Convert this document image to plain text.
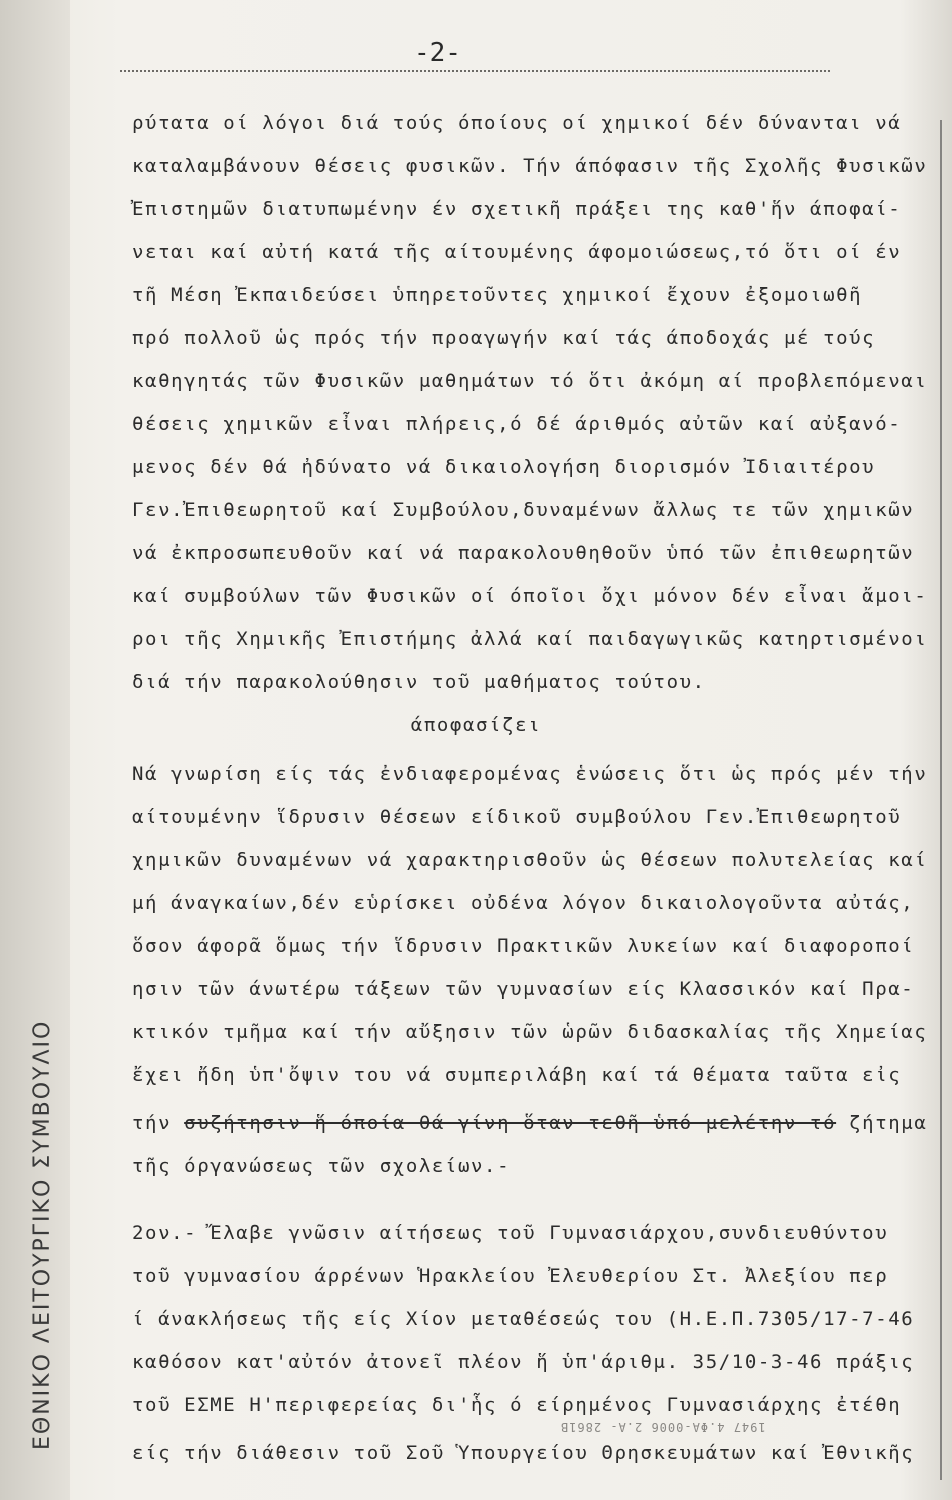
ΕΘΝΙΚΟ ΛΕΙΤΟΥΡΓΙΚΟ ΣΥΜΒΟΥΛΙΟ
-2-
ρύτατα οί λόγοι διά τούς όποίους οί χημικοί δέν δύνανται νά
καταλαμβάνουν θέσεις φυσικῶν. Τήν άπόφασιν τῆς Σχολῆς Φυσικῶν
Ἐπιστημῶν διατυπωμένην έν σχετικῆ πράξει της καθ'ἥν άποφαί-
νεται καί αὐτή κατά τῆς αίτουμένης άφομοιώσεως,τό ὅτι οί έν
τῆ Μέση Ἐκπαιδεύσει ὑπηρετοῦντες χημικοί ἔχουν ἐξομοιωθῆ
πρό πολλοῦ ὡς πρός τήν προαγωγήν καί τάς άποδοχάς μέ τούς
καθηγητάς τῶν Φυσικῶν μαθημάτων τό ὅτι ἀκόμη αί προβλεπόμεναι
θέσεις χημικῶν εἶναι πλήρεις,ό δέ άριθμός αὐτῶν καί αὐξανό-
μενος δέν θά ἠδύνατο νά δικαιολογήση διορισμόν Ἰδιαιτέρου
Γεν.Ἐπιθεωρητοῦ καί Συμβούλου,δυναμένων ἄλλως τε τῶν χημικῶν
νά ἐκπροσωπευθοῦν καί νά παρακολουθηθοῦν ὑπό τῶν ἐπιθεωρητῶν
καί συμβούλων τῶν Φυσικῶν οί όποῖοι ὄχι μόνον δέν εἶναι ἄμοι-
ροι τῆς Χημικῆς Ἐπιστήμης ἀλλά καί παιδαγωγικῶς κατηρτισμένοι
διά τήν παρακολούθησιν τοῦ μαθήματος τούτου.
άποφασίζει
Νά γνωρίση είς τάς ἐνδιαφερομένας ἑνώσεις ὅτι ὡς πρός μέν τήν
αίτουμένην ἵδρυσιν θέσεων είδικοῦ συμβούλου Γεν.Ἐπιθεωρητοῦ
χημικῶν δυναμένων νά χαρακτηρισθοῦν ὡς θέσεων πολυτελείας καί
μή άναγκαίων,δέν εὑρίσκει οὐδένα λόγον δικαιολογοῦντα αὐτάς,
ὅσον άφορᾶ ὅμως τήν ἵδρυσιν Πρακτικῶν λυκείων καί διαφοροποί
ησιν τῶν άνωτέρω τάξεων τῶν γυμνασίων είς Κλασσικόν καί Πρα-
κτικόν τμῆμα καί τήν αὔξησιν τῶν ὡρῶν διδασκαλίας τῆς Χημείας
ἔχει ἤδη ὑπ'ὄψιν του νά συμπεριλάβη καί τά θέματα ταῦτα εἰς
τήν συζήτησιν ἥ όποία θά γίνη ὅταν τεθῆ ὑπό μελέτην τό ζήτημα
τῆς όργανώσεως τῶν σχολείων.-
2ον.- Ἔλαβε γνῶσιν αίτήσεως τοῦ Γυμνασιάρχου,συνδιευθύντου
τοῦ γυμνασίου άρρένων Ἡρακλείου Ἐλευθερίου Στ. Ἀλεξίου περ
ί άνακλήσεως τῆς είς Χίον μεταθέσεώς του (Η.Ε.Π.7305/17-7-46
καθόσον κατ'αὐτόν ἀτονεῖ πλέον ἥ ὑπ'άριθμ. 35/10-3-46 πράξις
τοῦ ΕΣΜΕ Η'περιφερείας δι'ἧς ό είρημένος Γυμνασιάρχης ἐτέθη
είς τήν διάθεσιν τοῦ Σοῦ Ὑπουργείου Θρησκευμάτων καί Ἐθνικῆς
1947 4.ΦΑ-0006 2.A- 2861Β
